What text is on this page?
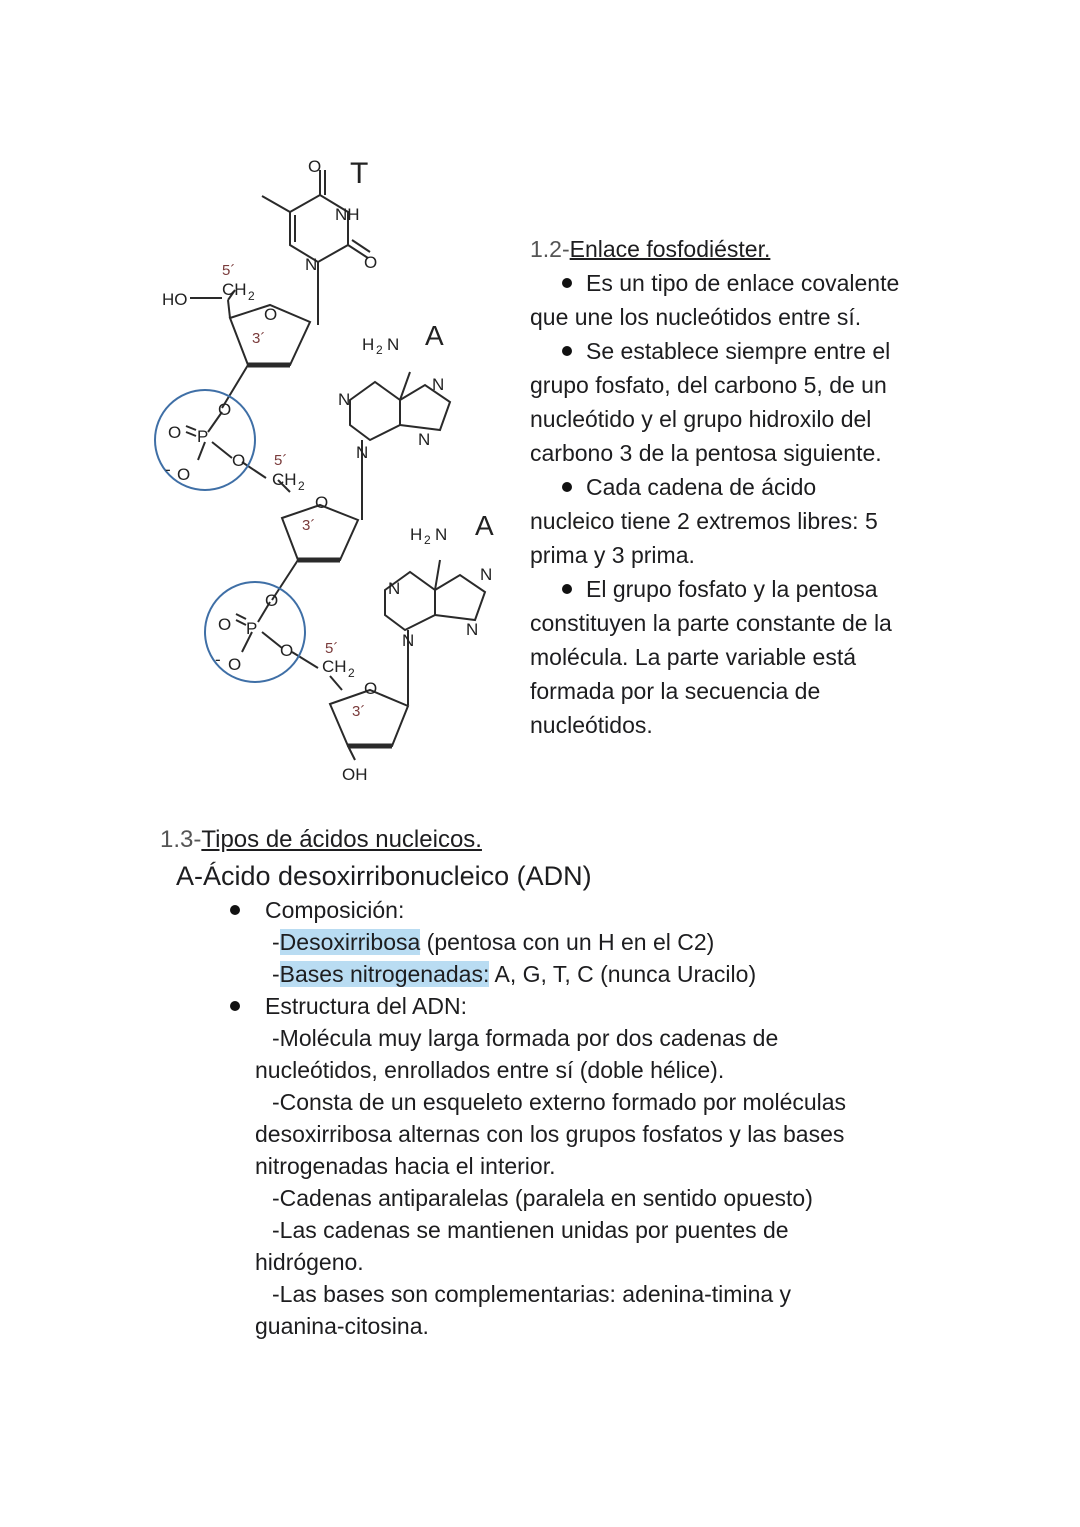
T
A
A
O
NH
N	O
HO
5´
CH 2
O
3´	H 2 N
N
N
N
N
O
O P
O
- O
5´
CH 2
O
3´	H 2 N
N
N
N
N
O
O P
O
- O
5´
CH 2
O
3´
OH
1.2-Enlace fosfodiéster.

Es un tipo de enlace covalente

que une los nucleótidos entre sí.

Se establece siempre entre el

grupo fosfato, del carbono 5, de un

nucleótido y el grupo hidroxilo del

carbono 3 de la pentosa siguiente.

Cada cadena de ácido

nucleico tiene 2 extremos libres: 5

prima y 3 prima.

El grupo fosfato y la pentosa

constituyen la parte constante de la

molécula. La parte variable está

formada por la secuencia de

nucleótidos.

1.3-Tipos de ácidos nucleicos.
A-Ácido desoxirribonucleico (ADN)
Composición:
-Desoxirribosa (pentosa con un H en el C2)
-Bases nitrogenadas: A, G, T, C (nunca Uracilo)
Estructura del ADN:
-Molécula muy larga formada por dos cadenas de
nucleótidos, enrollados entre sí (doble hélice).
-Consta de un esqueleto externo formado por moléculas
desoxirribosa alternas con los grupos fosfatos y las bases
nitrogenadas hacia el interior.
-Cadenas antiparalelas (paralela en sentido opuesto)
-Las cadenas se mantienen unidas por puentes de
hidrógeno.
-Las bases son complementarias: adenina-timina y
guanina-citosina.
